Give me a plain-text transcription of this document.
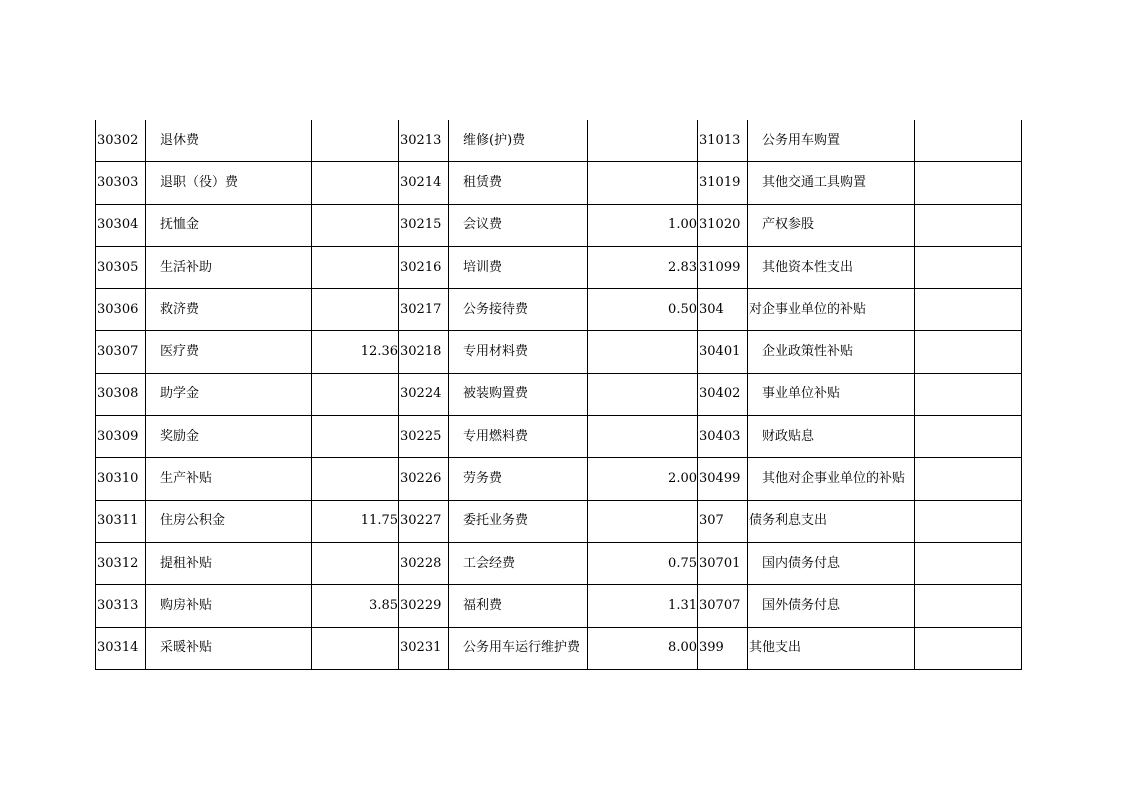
30302	退休费		30213	维修(护)费		31013	公务用车购置	
30303	退职（役）费		30214	租赁费		31019	其他交通工具购置	
30304	抚恤金		30215	会议费	1.00	31020	产权参股	
30305	生活补助		30216	培训费	2.83	31099	其他资本性支出	
30306	救济费		30217	公务接待费	0.50	304	对企事业单位的补贴	
30307	医疗费	12.36	30218	专用材料费		30401	企业政策性补贴	
30308	助学金		30224	被装购置费		30402	事业单位补贴	
30309	奖励金		30225	专用燃料费		30403	财政贴息	
30310	生产补贴		30226	劳务费	2.00	30499	其他对企事业单位的补贴	
30311	住房公积金	11.75	30227	委托业务费		307	债务利息支出	
30312	提租补贴		30228	工会经费	0.75	30701	国内债务付息	
30313	购房补贴	3.85	30229	福利费	1.31	30707	国外债务付息	
30314	采暖补贴		30231	公务用车运行维护费	8.00	399	其他支出	
